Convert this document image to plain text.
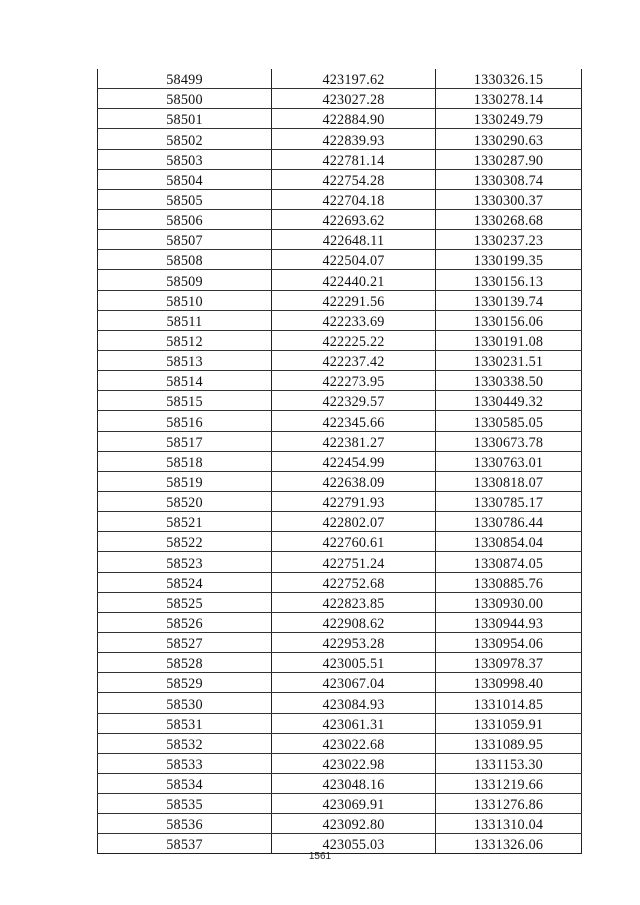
58499	423197.62	1330326.15
58500	423027.28	1330278.14
58501	422884.90	1330249.79
58502	422839.93	1330290.63
58503	422781.14	1330287.90
58504	422754.28	1330308.74
58505	422704.18	1330300.37
58506	422693.62	1330268.68
58507	422648.11	1330237.23
58508	422504.07	1330199.35
58509	422440.21	1330156.13
58510	422291.56	1330139.74
58511	422233.69	1330156.06
58512	422225.22	1330191.08
58513	422237.42	1330231.51
58514	422273.95	1330338.50
58515	422329.57	1330449.32
58516	422345.66	1330585.05
58517	422381.27	1330673.78
58518	422454.99	1330763.01
58519	422638.09	1330818.07
58520	422791.93	1330785.17
58521	422802.07	1330786.44
58522	422760.61	1330854.04
58523	422751.24	1330874.05
58524	422752.68	1330885.76
58525	422823.85	1330930.00
58526	422908.62	1330944.93
58527	422953.28	1330954.06
58528	423005.51	1330978.37
58529	423067.04	1330998.40
58530	423084.93	1331014.85
58531	423061.31	1331059.91
58532	423022.68	1331089.95
58533	423022.98	1331153.30
58534	423048.16	1331219.66
58535	423069.91	1331276.86
58536	423092.80	1331310.04
58537	423055.03	1331326.06
1561
